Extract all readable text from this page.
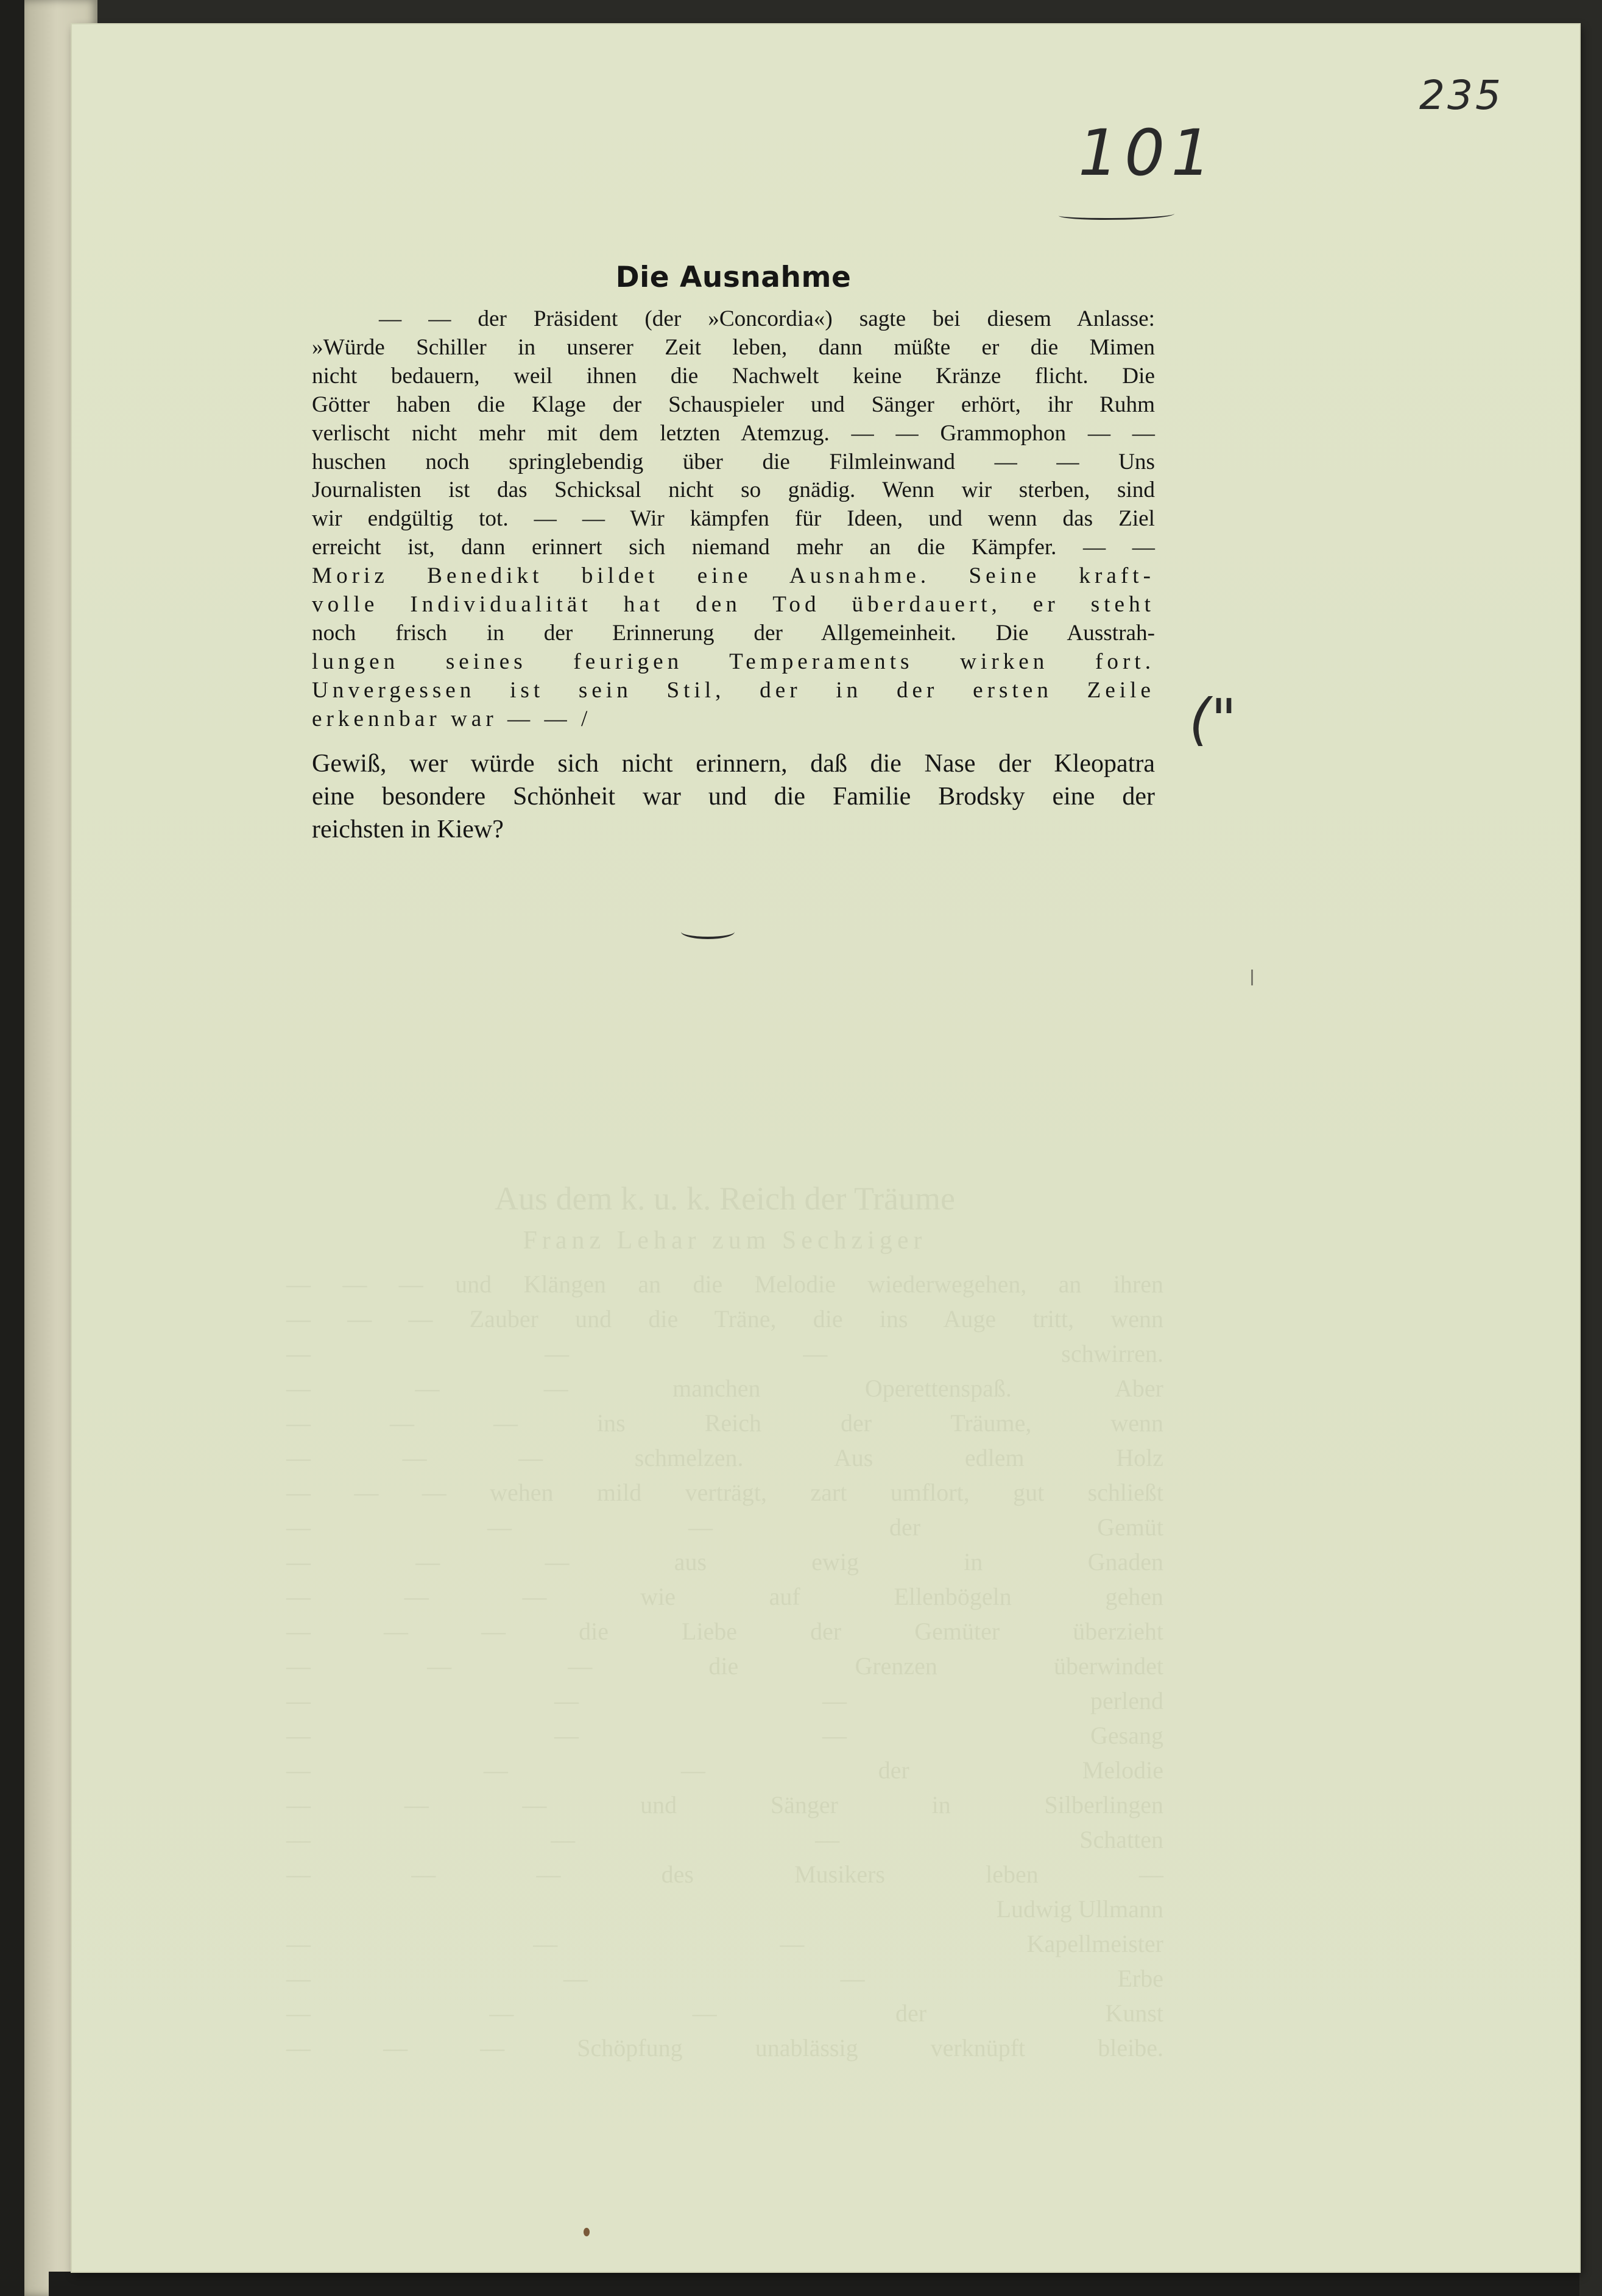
235
101
("
Die Ausnahme
— — der Präsident (der »Concordia«) sagte bei diesem Anlasse:
»Würde Schiller in unserer Zeit leben, dann müßte er die Mimen
nicht bedauern, weil ihnen die Nachwelt keine Kränze flicht. Die
Götter haben die Klage der Schauspieler und Sänger erhört, ihr Ruhm
verlischt nicht mehr mit dem letzten Atemzug. — — Grammophon — —
huschen noch springlebendig über die Filmleinwand — — Uns
Journalisten ist das Schicksal nicht so gnädig. Wenn wir sterben, sind
wir endgültig tot. — — Wir kämpfen für Ideen, und wenn das Ziel
erreicht ist, dann erinnert sich niemand mehr an die Kämpfer. — —
Moriz Benedikt bildet eine Ausnahme. Seine kraft-
volle Individualität hat den Tod überdauert, er steht
noch frisch in der Erinnerung der Allgemeinheit. Die Ausstrah-
lungen seines feurigen Temperaments wirken fort.
Unvergessen ist sein Stil, der in der ersten Zeile
erkennbar war — — /
Gewiß, wer würde sich nicht erinnern, daß die Nase der Kleopatra
eine besondere Schönheit war und die Familie Brodsky eine der
reichsten in Kiew?
Aus dem k. u. k. Reich der Träume
Franz Lehar zum Sechziger
— — — und Klängen an die Melodie wiederwegehen, an ihren
— — — Zauber und die Träne, die ins Auge tritt, wenn
— — — schwirren.
— — — manchen Operettenspaß. Aber
— — — ins Reich der Träume, wenn
— — — schmelzen. Aus edlem Holz
— — — wehen mild verträgt, zart umflort, gut schließt
— — — der Gemüt
— — — aus ewig in Gnaden
— — — wie auf Ellenbögeln gehen
— — — die Liebe der Gemüter überzieht
— — — die Grenzen überwindet
— — — perlend
— — — Gesang
— — — der Melodie
— — — und Sänger in Silberlingen
— — — Schatten
— — — des Musikers leben —
Ludwig Ullmann
— — — Kapellmeister
— — — Erbe
— — — der Kunst
— — — Schöpfung unablässig verknüpft bleibe.
